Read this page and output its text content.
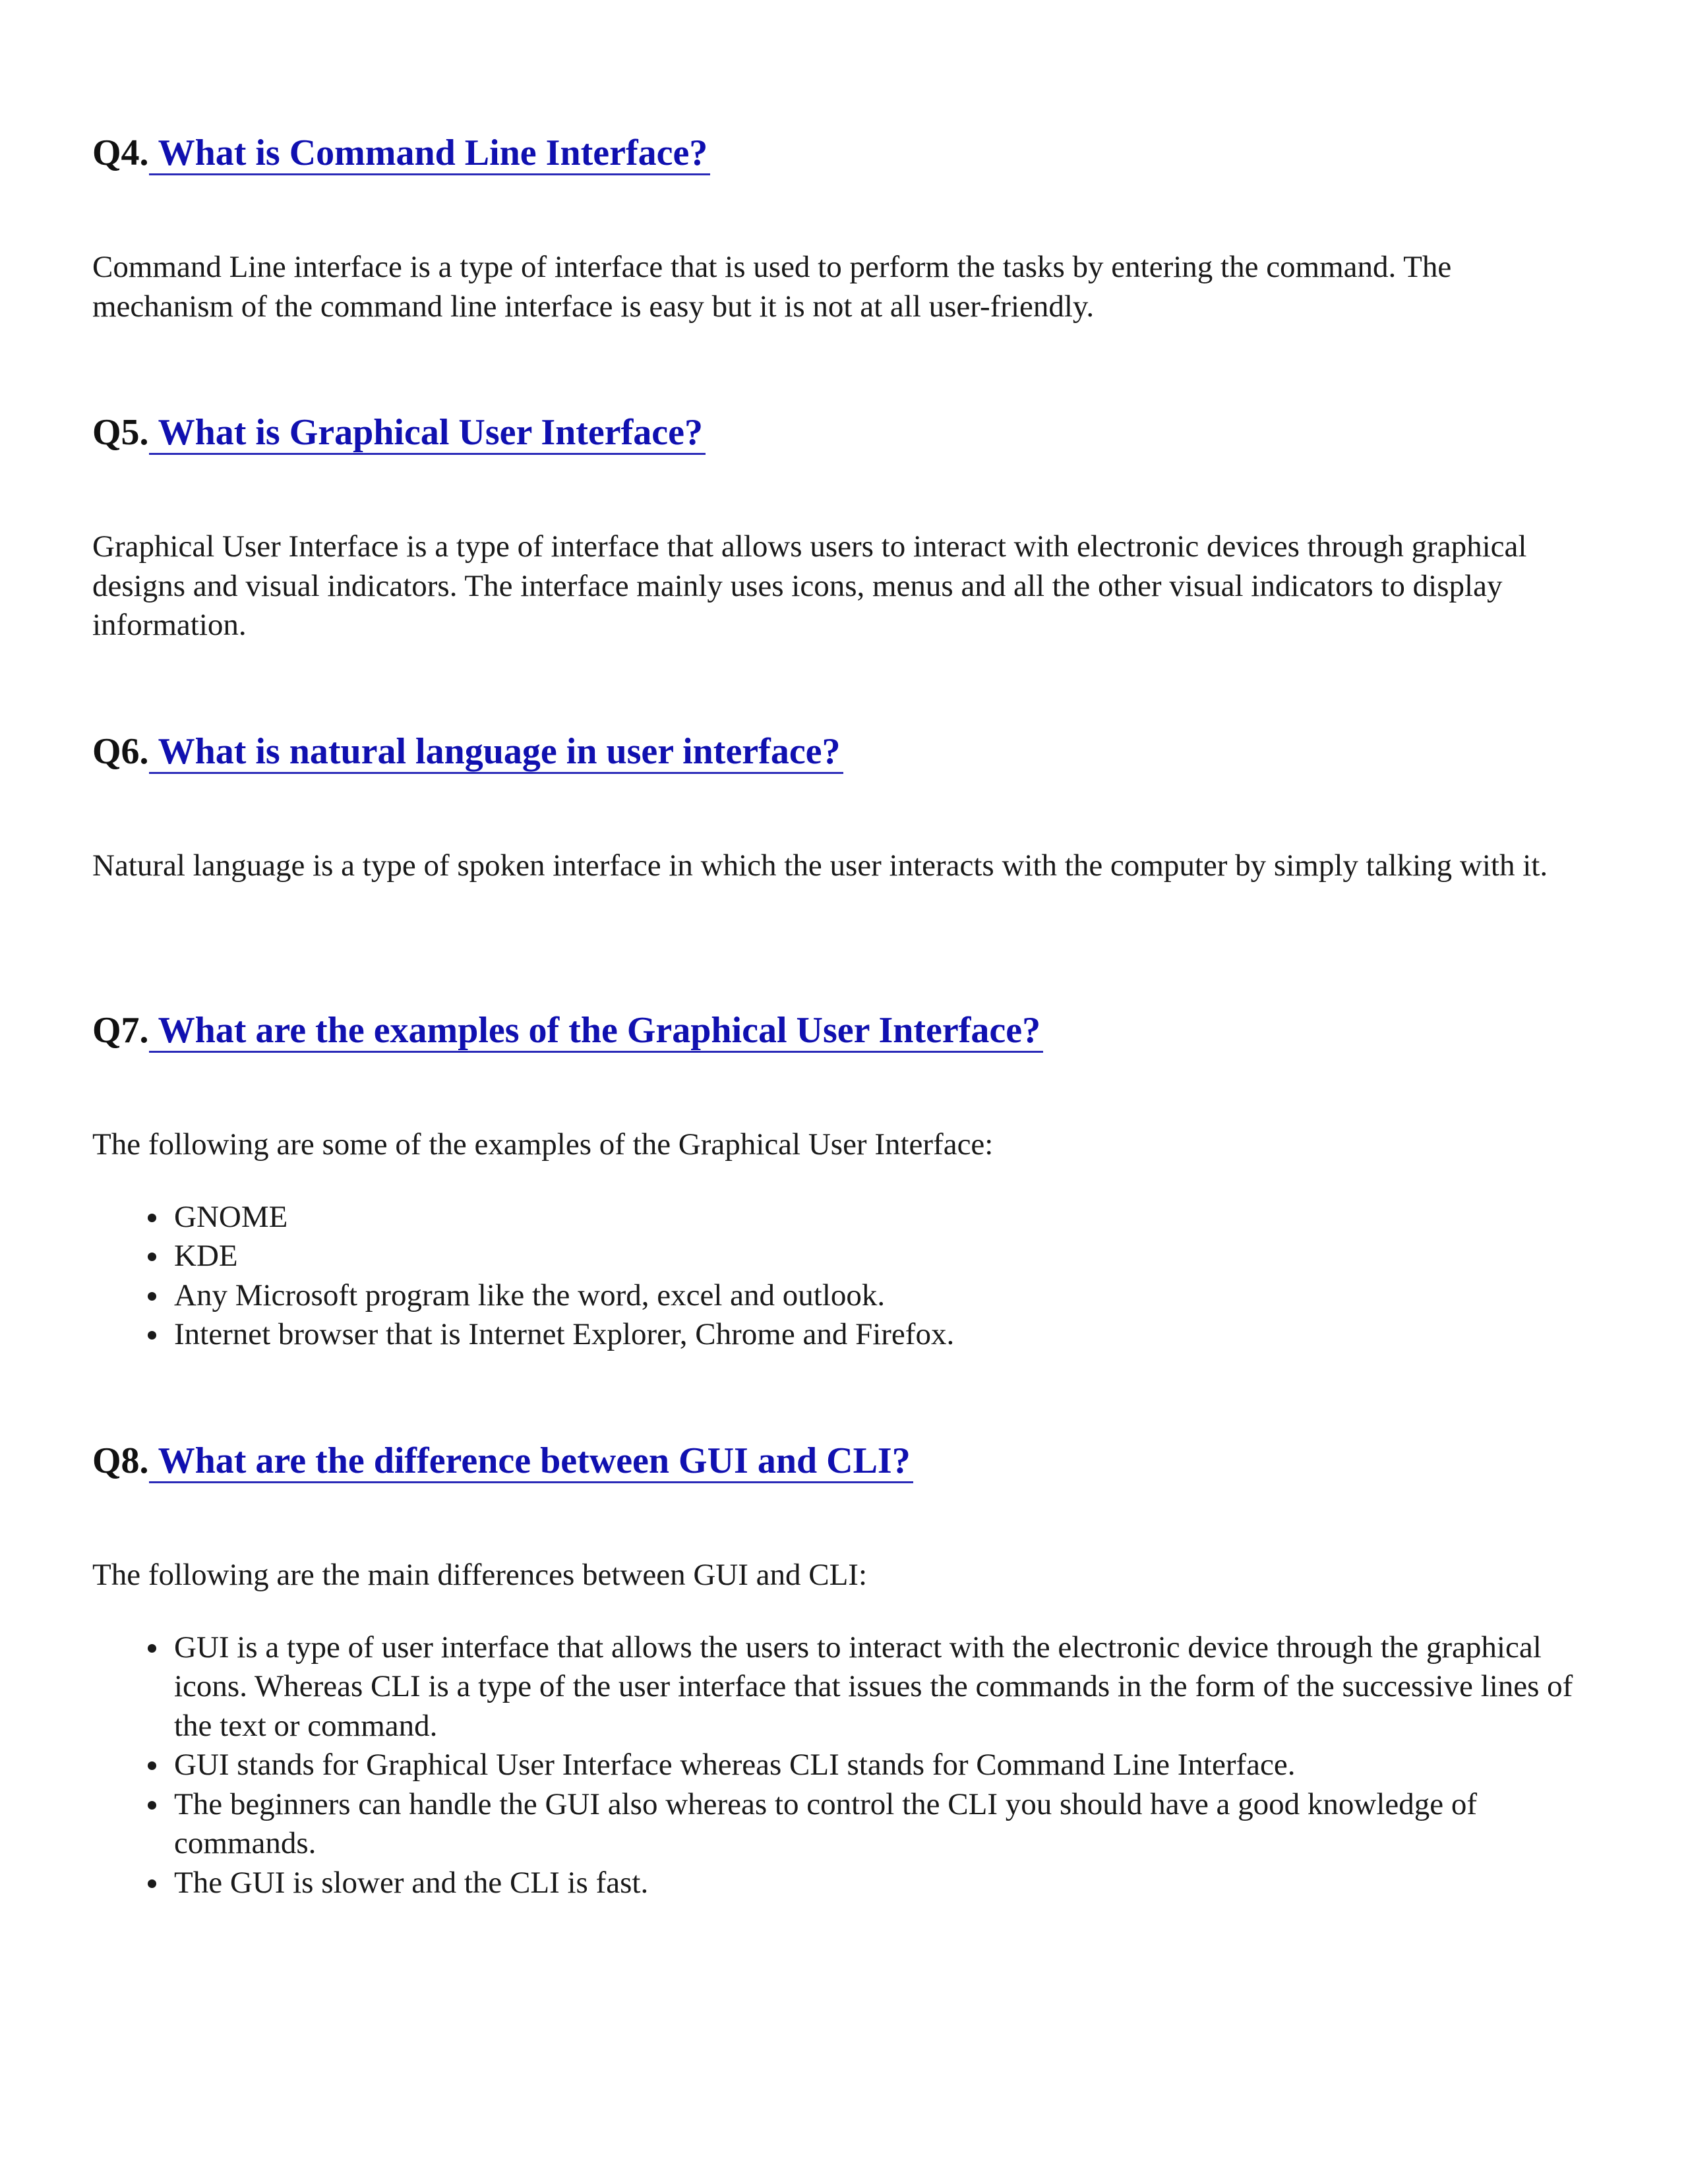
Q4. What is Command Line Interface?

Command Line interface is a type of interface that is used to perform the tasks by entering the command. The mechanism of the command line interface is easy but it is not at all user-friendly.

Q5. What is Graphical User Interface?

Graphical User Interface is a type of interface that allows users to interact with electronic devices through graphical designs and visual indicators. The interface mainly uses icons, menus and all the other visual indicators to display information.

Q6. What is natural language in user interface?

Natural language is a type of spoken interface in which the user interacts with the computer by simply talking with it.

Q7. What are the examples of the Graphical User Interface?

The following are some of the examples of the Graphical User Interface:

GNOME
KDE
Any Microsoft program like the word, excel and outlook.
Internet browser that is Internet Explorer, Chrome and Firefox.
Q8. What are the difference between GUI and CLI?

The following are the main differences between GUI and CLI:

GUI is a type of user interface that allows the users to interact with the electronic device through the graphical icons. Whereas CLI is a type of the user interface that issues the commands in the form of the successive lines of the text or command.
GUI stands for Graphical User Interface whereas CLI stands for Command Line Interface.
The beginners can handle the GUI also whereas to control the CLI you should have a good knowledge of commands.
The GUI is slower and the CLI is fast.
